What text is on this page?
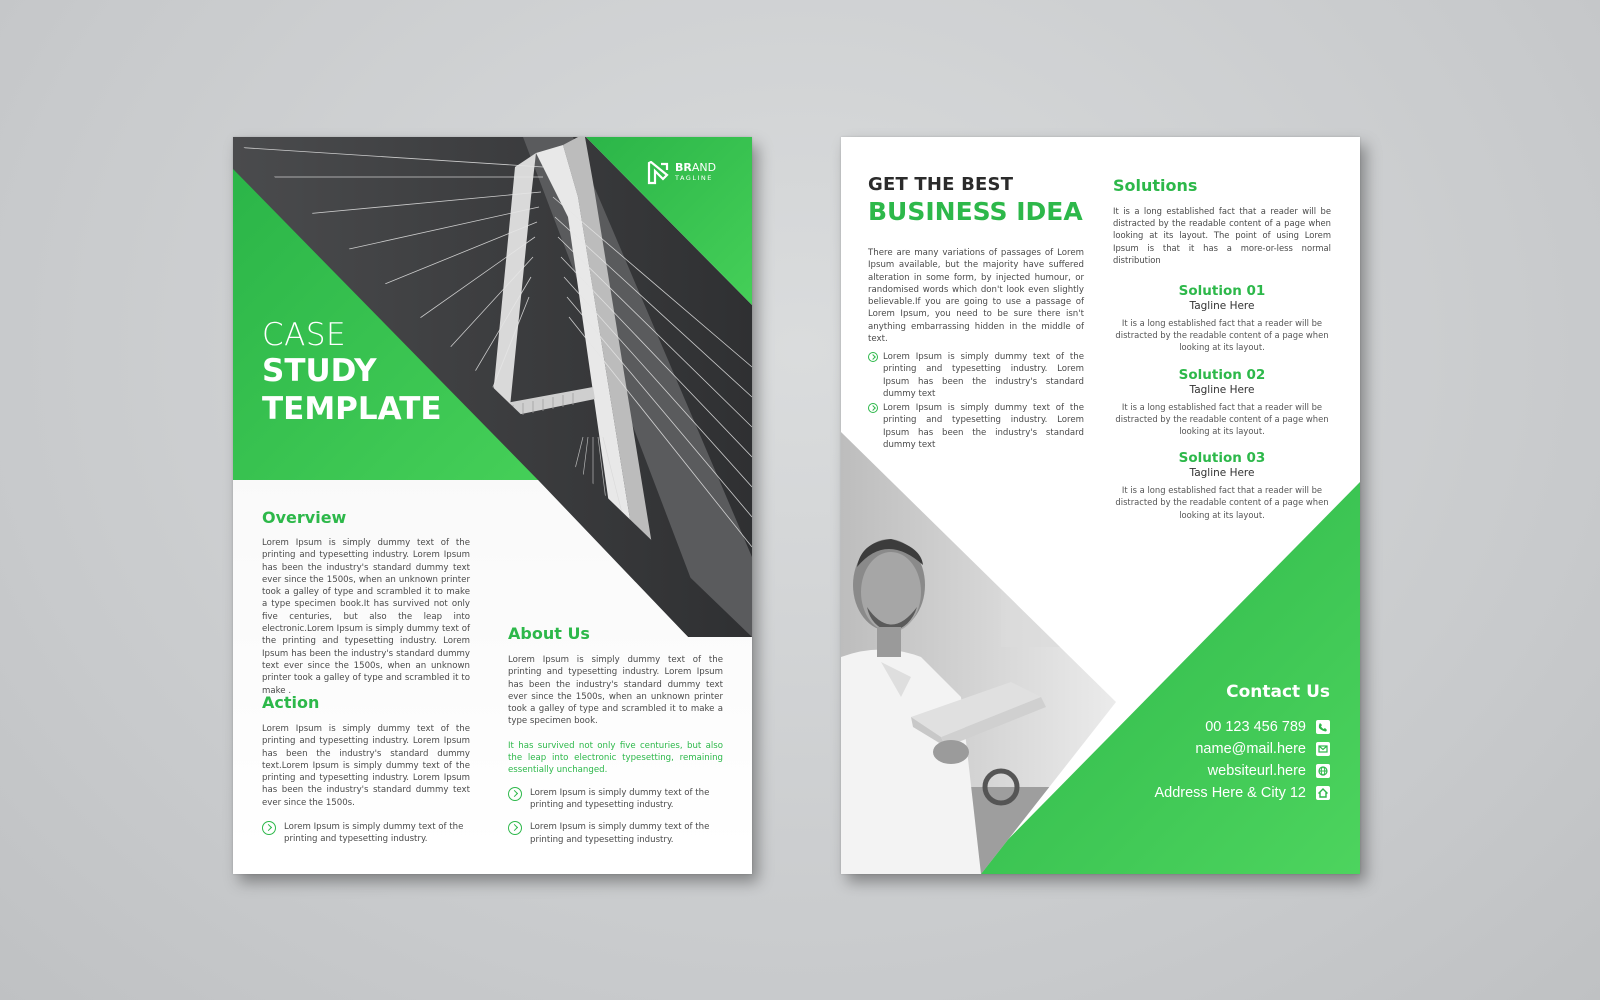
BRAND
TAGLINE
CASE
STUDY
TEMPLATE
Overview
Lorem Ipsum is simply dummy text of the printing and typesetting industry. Lorem Ipsum has been the industry's standard dummy text ever since the 1500s, when an unknown printer took a galley of type and scrambled it to make a type specimen book.It has survived not only five centuries, but also the leap into electronic.Lorem Ipsum is simply dummy text of the printing and typesetting industry. Lorem Ipsum has been the industry's standard dummy text ever since the 1500s, when an unknown printer took a galley of type and scrambled it to make .
Action
Lorem Ipsum is simply dummy text of the printing and typesetting industry. Lorem Ipsum has been the industry's standard dummy text.Lorem Ipsum is simply dummy text of the printing and typesetting industry. Lorem Ipsum has been the industry's standard dummy text ever since the 1500s.
Lorem Ipsum is simply dummy text of the printing and typesetting industry.
About Us
Lorem Ipsum is simply dummy text of the printing and typesetting industry. Lorem Ipsum has been the industry's standard dummy text ever since the 1500s, when an unknown printer took a galley of type and scrambled it to make a type specimen book.
It has survived not only five centuries, but also the leap into electronic typesetting, remaining essentially unchanged.
Lorem Ipsum is simply dummy text of the printing and typesetting industry.
Lorem Ipsum is simply dummy text of the printing and typesetting industry.
GET THE BEST
BUSINESS IDEA
There are many variations of passages of Lorem Ipsum available, but the majority have suffered alteration in some form, by injected humour, or randomised words which don't look even slightly believable.If you are going to use a passage of Lorem Ipsum, you need to be sure there isn't anything embarrassing hidden in the middle of text.
Lorem Ipsum is simply dummy text of the printing and typesetting industry. Lorem Ipsum has been the industry's standard dummy text
Lorem Ipsum is simply dummy text of the printing and typesetting industry. Lorem Ipsum has been the industry's standard dummy text
Solutions
It is a long established fact that a reader will be distracted by the readable content of a page when looking at its layout. The point of using Lorem Ipsum is that it has a more-or-less normal distribution
Solution 01
Tagline Here
It is a long established fact that a reader will be distracted by the readable content of a page when looking at its layout.
Solution 02
Tagline Here
It is a long established fact that a reader will be distracted by the readable content of a page when looking at its layout.
Solution 03
Tagline Here
It is a long established fact that a reader will be distracted by the readable content of a page when looking at its layout.
Contact Us
00 123 456 789
name@mail.here
websiteurl.here
Address Here & City 12
